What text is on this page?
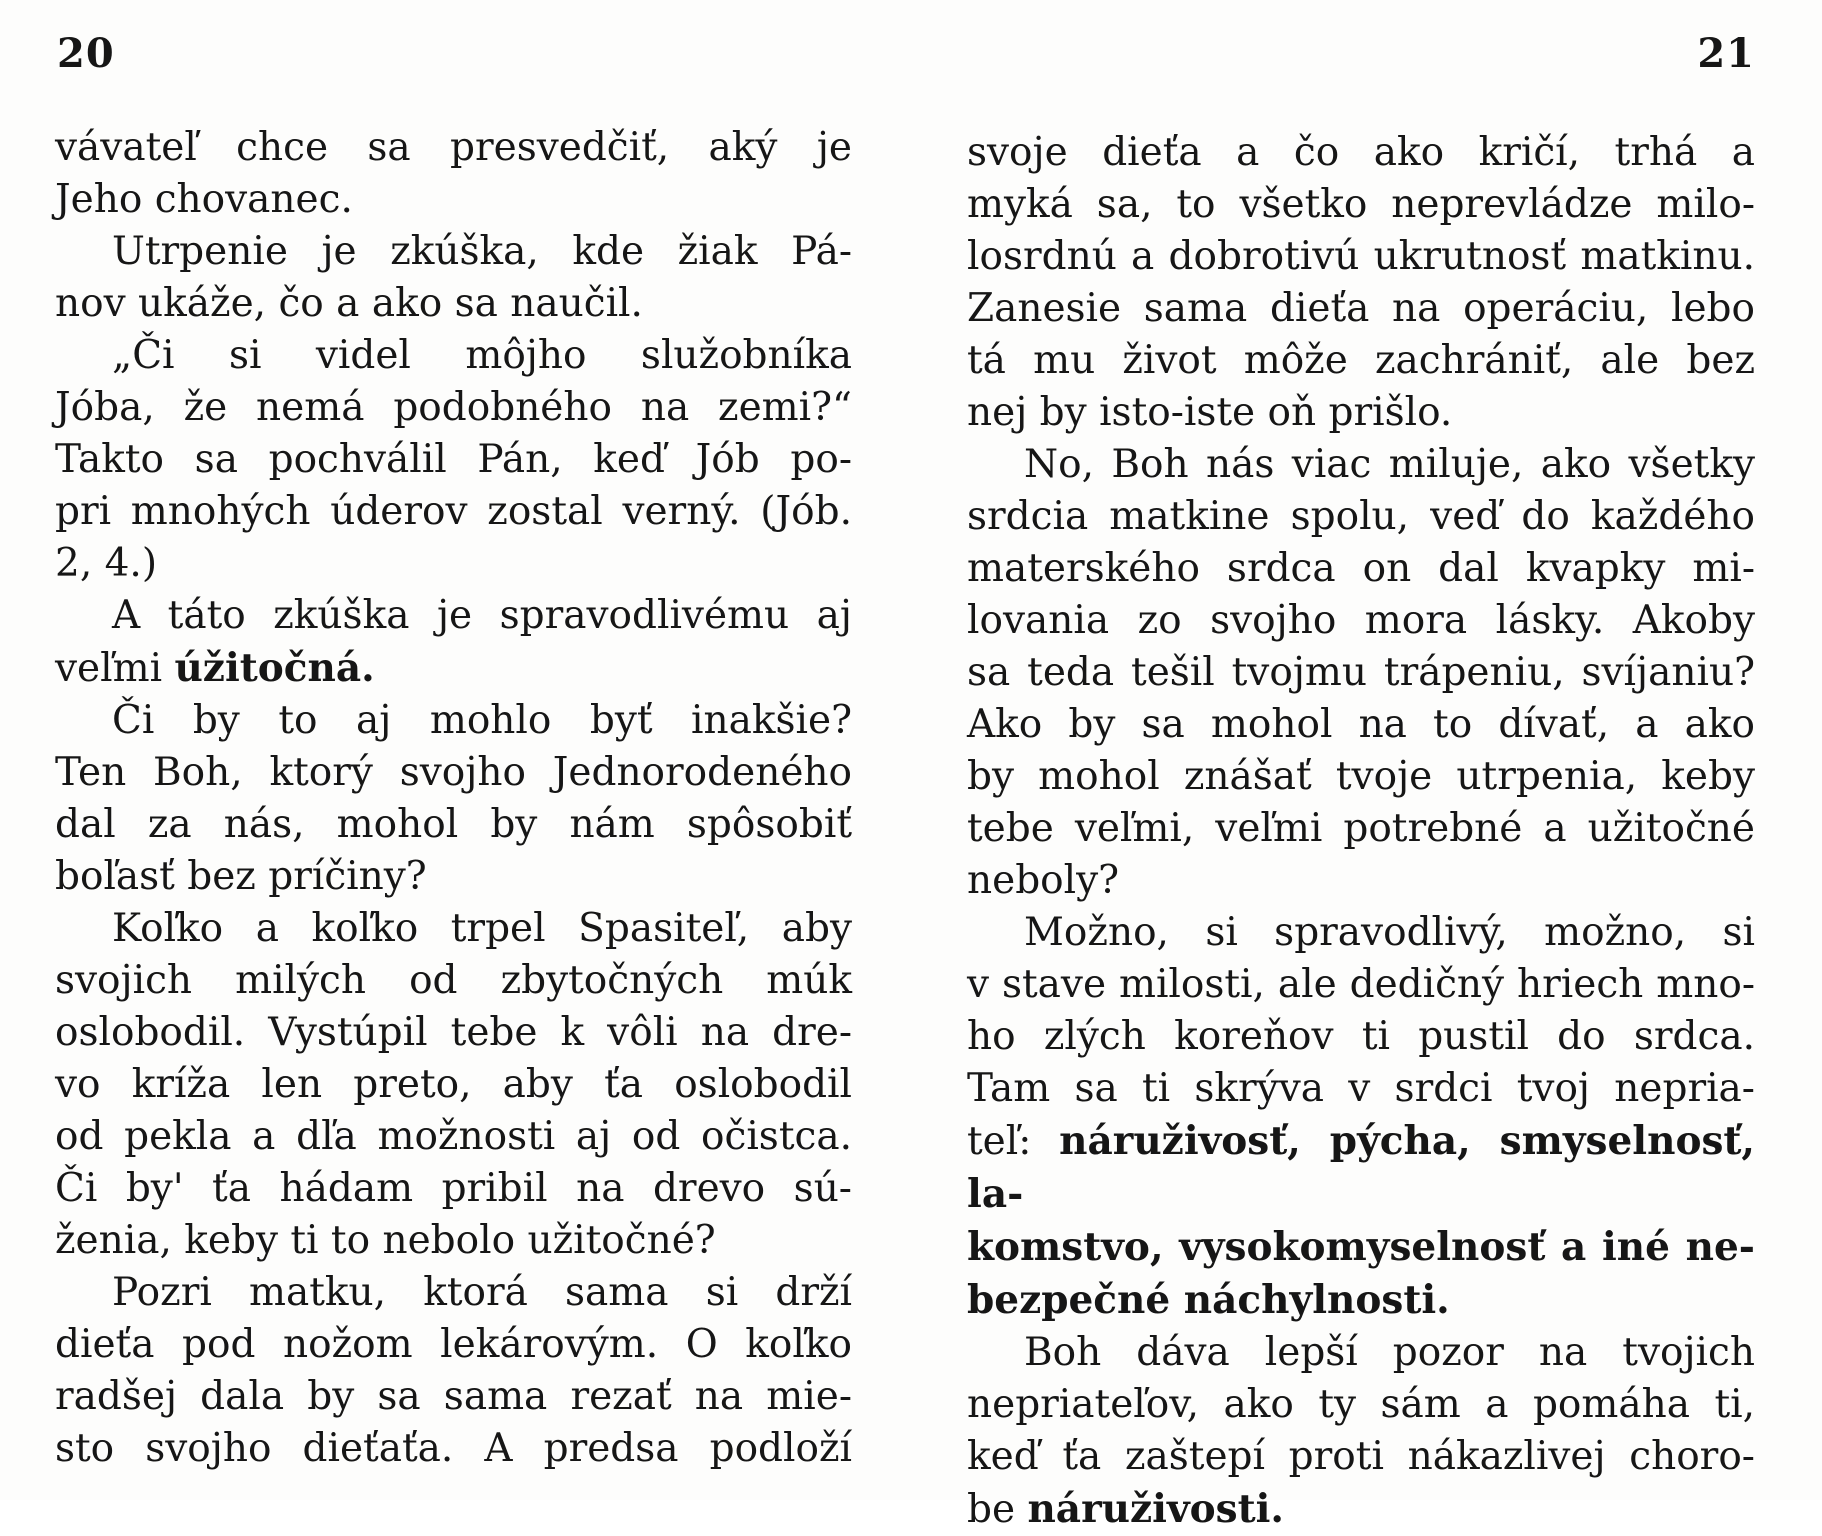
20	21
vávateľ chce sa presvedčiť, aký je
Jeho chovanec.
Utrpenie je zkúška, kde žiak Pá-
nov ukáže, čo a ako sa naučil.
„Či si videl môjho služobníka
Jóba, že nemá podobného na zemi?“
Takto sa pochválil Pán, keď Jób po-
pri mnohých úderov zostal verný. (Jób.
2, 4.)
A táto zkúška je spravodlivému aj
veľmi úžitočná.
Či by to aj mohlo byť inakšie?
Ten Boh, ktorý svojho Jednorodeného
dal za nás, mohol by nám spôsobiť
boľasť bez príčiny?
Koľko a koľko trpel Spasiteľ, aby
svojich milých od zbytočných múk
oslobodil. Vystúpil tebe k vôli na dre-
vo kríža len preto, aby ťa oslobodil
od pekla a dľa možnosti aj od očistca.
Či by' ťa hádam pribil na drevo sú-
ženia, keby ti to nebolo užitočné?
Pozri matku, ktorá sama si drží
dieťa pod nožom lekárovým. O koľko
radšej dala by sa sama rezať na mie-
sto svojho dieťaťa. A predsa podloží
svoje dieťa a čo ako kričí, trhá a
myká sa, to všetko neprevládze milo-
losrdnú a dobrotivú ukrutnosť matkinu.
Zanesie sama dieťa na operáciu, lebo
tá mu život môže zachrániť, ale bez
nej by isto-iste oň prišlo.
No, Boh nás viac miluje, ako všetky
srdcia matkine spolu, veď do každého
materského srdca on dal kvapky mi-
lovania zo svojho mora lásky. Akoby
sa teda tešil tvojmu trápeniu, svíjaniu?
Ako by sa mohol na to dívať, a ako
by mohol znášať tvoje utrpenia, keby
tebe veľmi, veľmi potrebné a užitočné
neboly?
Možno, si spravodlivý, možno, si
v stave milosti, ale dedičný hriech mno-
ho zlých koreňov ti pustil do srdca.
Tam sa ti skrýva v srdci tvoj nepria-
teľ: náruživosť, pýcha, smyselnosť, la-
komstvo, vysokomyselnosť a iné ne-
bezpečné náchylnosti.
Boh dáva lepší pozor na tvojich
nepriateľov, ako ty sám a pomáha ti,
keď ťa zaštepí proti nákazlivej choro-
be náruživosti.
